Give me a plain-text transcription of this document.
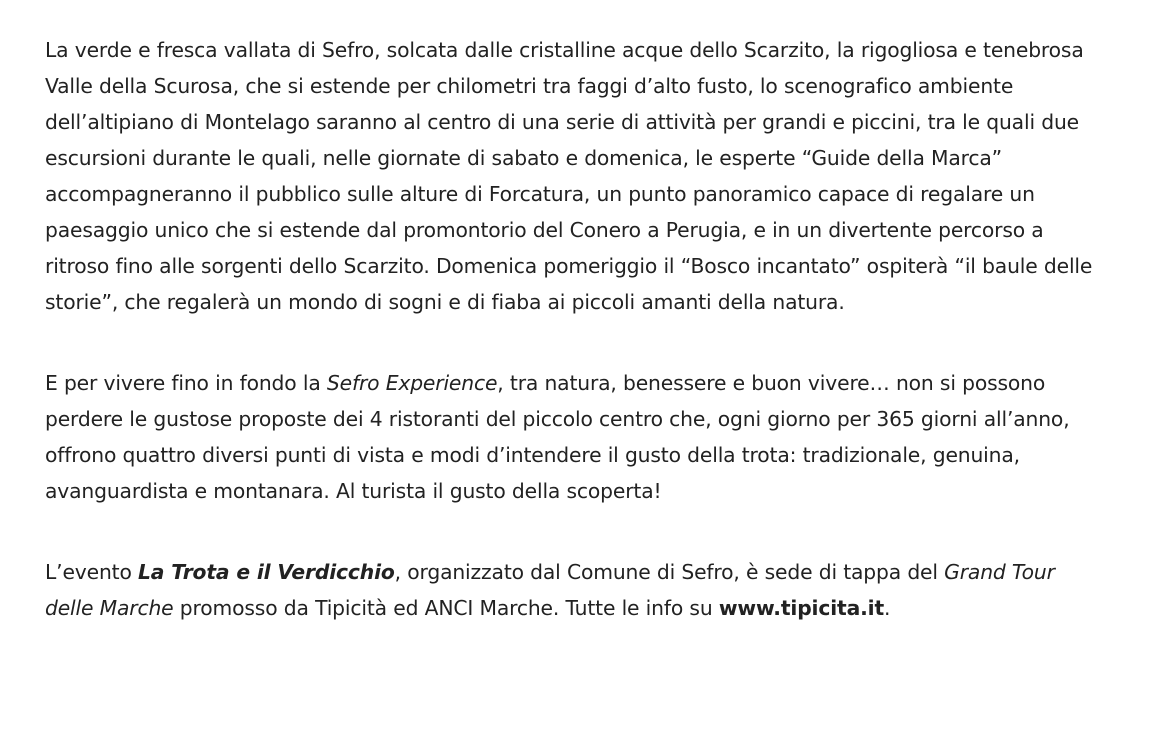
La verde e fresca vallata di Sefro, solcata dalle cristalline acque dello Scarzito, la rigogliosa e tenebrosa Valle della Scurosa, che si estende per chilometri tra faggi d’alto fusto, lo scenografico ambiente dell’altipiano di Montelago saranno al centro di una serie di attività per grandi e piccini, tra le quali due escursioni durante le quali, nelle giornate di sabato e domenica, le esperte “Guide della Marca” accompagneranno il pubblico sulle alture di Forcatura, un punto panoramico capace di regalare un paesaggio unico che si estende dal promontorio del Conero a Perugia, e in un divertente percorso a ritroso fino alle sorgenti dello Scarzito. Domenica pomeriggio il “Bosco incantato” ospiterà “il baule delle storie”, che regalerà un mondo di sogni e di fiaba ai piccoli amanti della natura.

E per vivere fino in fondo la Sefro Experience, tra natura, benessere e buon vivere… non si possono perdere le gustose proposte dei 4 ristoranti del piccolo centro che, ogni giorno per 365 giorni all’anno, offrono quattro diversi punti di vista e modi d’intendere il gusto della trota: tradizionale, genuina, avanguardista e montanara. Al turista il gusto della scoperta!

L’evento La Trota e il Verdicchio, organizzato dal Comune di Sefro, è sede di tappa del Grand Tour delle Marche promosso da Tipicità ed ANCI Marche. Tutte le info su www.tipicita.it.
